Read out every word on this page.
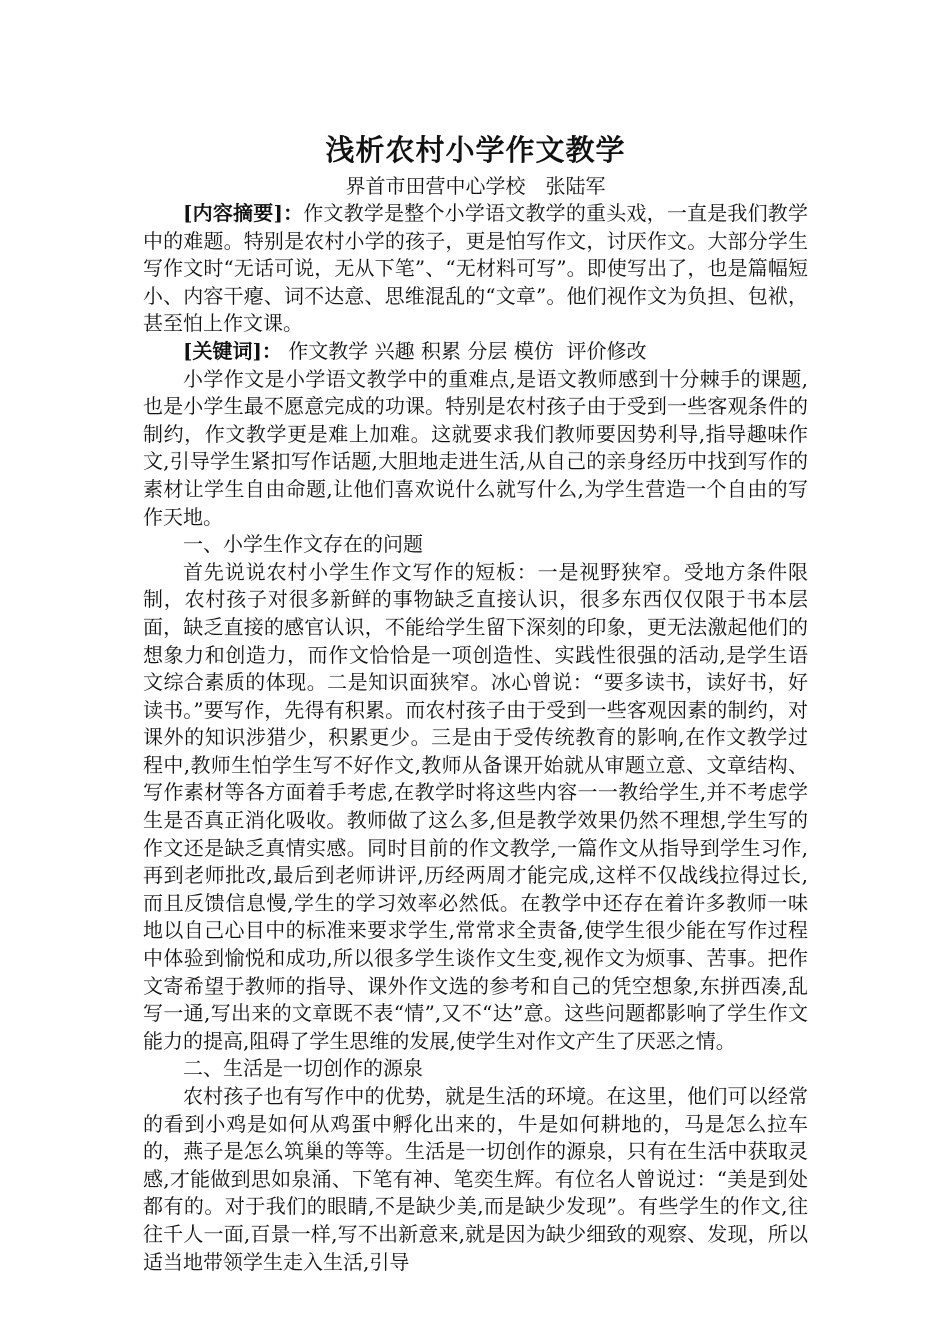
浅析农村小学作文教学

界首市田营中心学校　张陆军

[内容摘要]：作文教学是整个小学语文教学的重头戏，一直是我们教学中的难题。特别是农村小学的孩子，更是怕写作文，讨厌作文。大部分学生写作文时“无话可说，无从下笔”、“无材料可写”。即使写出了，也是篇幅短小、内容干瘪、词不达意、思维混乱的“文章”。他们视作文为负担、包袱，甚至怕上作文课。

[关键词]： 作文教学 兴趣 积累 分层 模仿  评价修改

小学作文是小学语文教学中的重难点,是语文教师感到十分棘手的课题,也是小学生最不愿意完成的功课。特别是农村孩子由于受到一些客观条件的制约，作文教学更是难上加难。这就要求我们教师要因势利导,指导趣味作文,引导学生紧扣写作话题,大胆地走进生活,从自己的亲身经历中找到写作的素材让学生自由命题,让他们喜欢说什么就写什么,为学生营造一个自由的写作天地。

一、小学生作文存在的问题

首先说说农村小学生作文写作的短板：一是视野狭窄。受地方条件限制，农村孩子对很多新鲜的事物缺乏直接认识，很多东西仅仅限于书本层面，缺乏直接的感官认识，不能给学生留下深刻的印象，更无法激起他们的想象力和创造力，而作文恰恰是一项创造性、实践性很强的活动,是学生语文综合素质的体现。二是知识面狭窄。冰心曾说：“要多读书，读好书，好读书。”要写作，先得有积累。而农村孩子由于受到一些客观因素的制约，对课外的知识涉猎少，积累更少。三是由于受传统教育的影响,在作文教学过程中,教师生怕学生写不好作文,教师从备课开始就从审题立意、文章结构、写作素材等各方面着手考虑,在教学时将这些内容一一教给学生,并不考虑学生是否真正消化吸收。教师做了这么多,但是教学效果仍然不理想,学生写的作文还是缺乏真情实感。同时目前的作文教学,一篇作文从指导到学生习作,再到老师批改,最后到老师讲评,历经两周才能完成,这样不仅战线拉得过长,而且反馈信息慢,学生的学习效率必然低。在教学中还存在着许多教师一味地以自己心目中的标准来要求学生,常常求全责备,使学生很少能在写作过程中体验到愉悦和成功,所以很多学生谈作文生变,视作文为烦事、苦事。把作文寄希望于教师的指导、课外作文选的参考和自己的凭空想象,东拼西凑,乱写一通,写出来的文章既不表“情”,又不“达”意。这些问题都影响了学生作文能力的提高,阻碍了学生思维的发展,使学生对作文产生了厌恶之情。

二、生活是一切创作的源泉

农村孩子也有写作中的优势，就是生活的环境。在这里，他们可以经常的看到小鸡是如何从鸡蛋中孵化出来的，牛是如何耕地的，马是怎么拉车的，燕子是怎么筑巢的等等。生活是一切创作的源泉，只有在生活中获取灵感,才能做到思如泉涌、下笔有神、笔奕生辉。有位名人曾说过：“美是到处都有的。对于我们的眼睛,不是缺少美,而是缺少发现”。有些学生的作文,往往千人一面,百景一样,写不出新意来,就是因为缺少细致的观察、发现，所以适当地带领学生走入生活,引导
